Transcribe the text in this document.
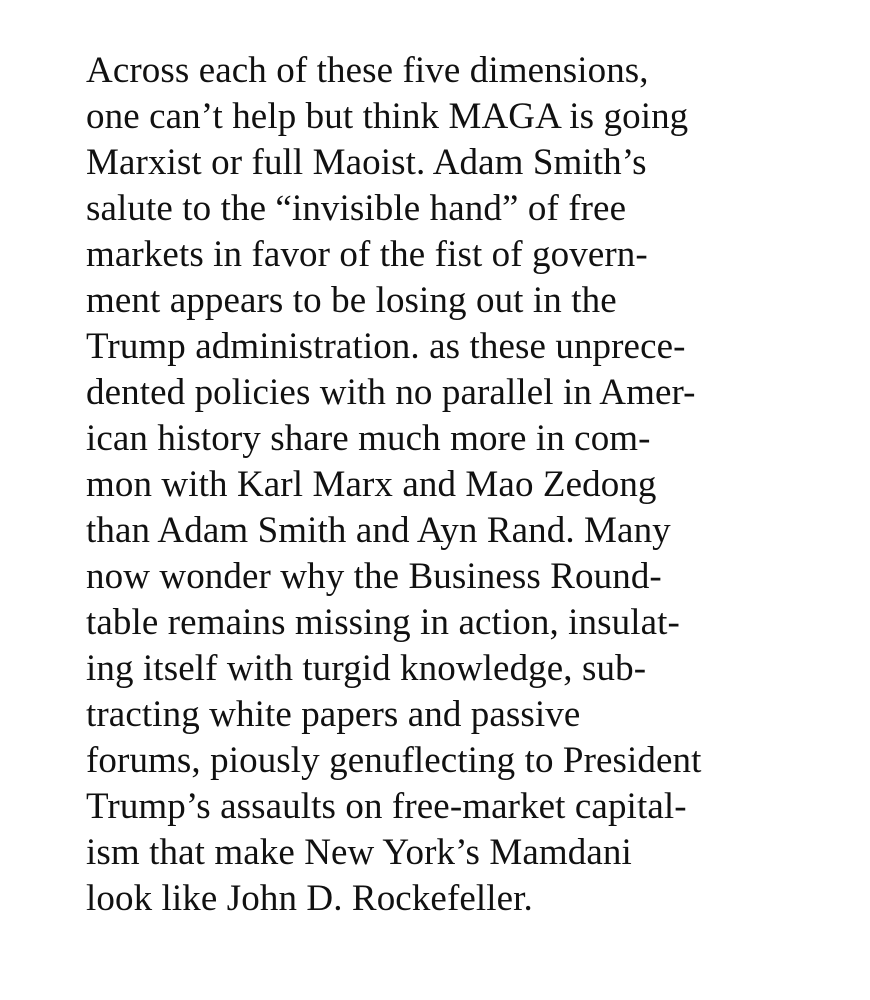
Across each of these five dimensions,
one can’t help but think MAGA is going
Marxist or full Maoist. Adam Smith’s
salute to the “invisible hand” of free
markets in favor of the fist of govern-
ment appears to be losing out in the
Trump administration. as these unprece-
dented policies with no parallel in Amer-
ican history share much more in com-
mon with Karl Marx and Mao Zedong
than Adam Smith and Ayn Rand. Many
now wonder why the Business Round-
table remains missing in action, insulat-
ing itself with turgid knowledge, sub-
tracting white papers and passive
forums, piously genuflecting to President
Trump’s assaults on free-market capital-
ism that make New York’s Mamdani
look like John D. Rockefeller.
